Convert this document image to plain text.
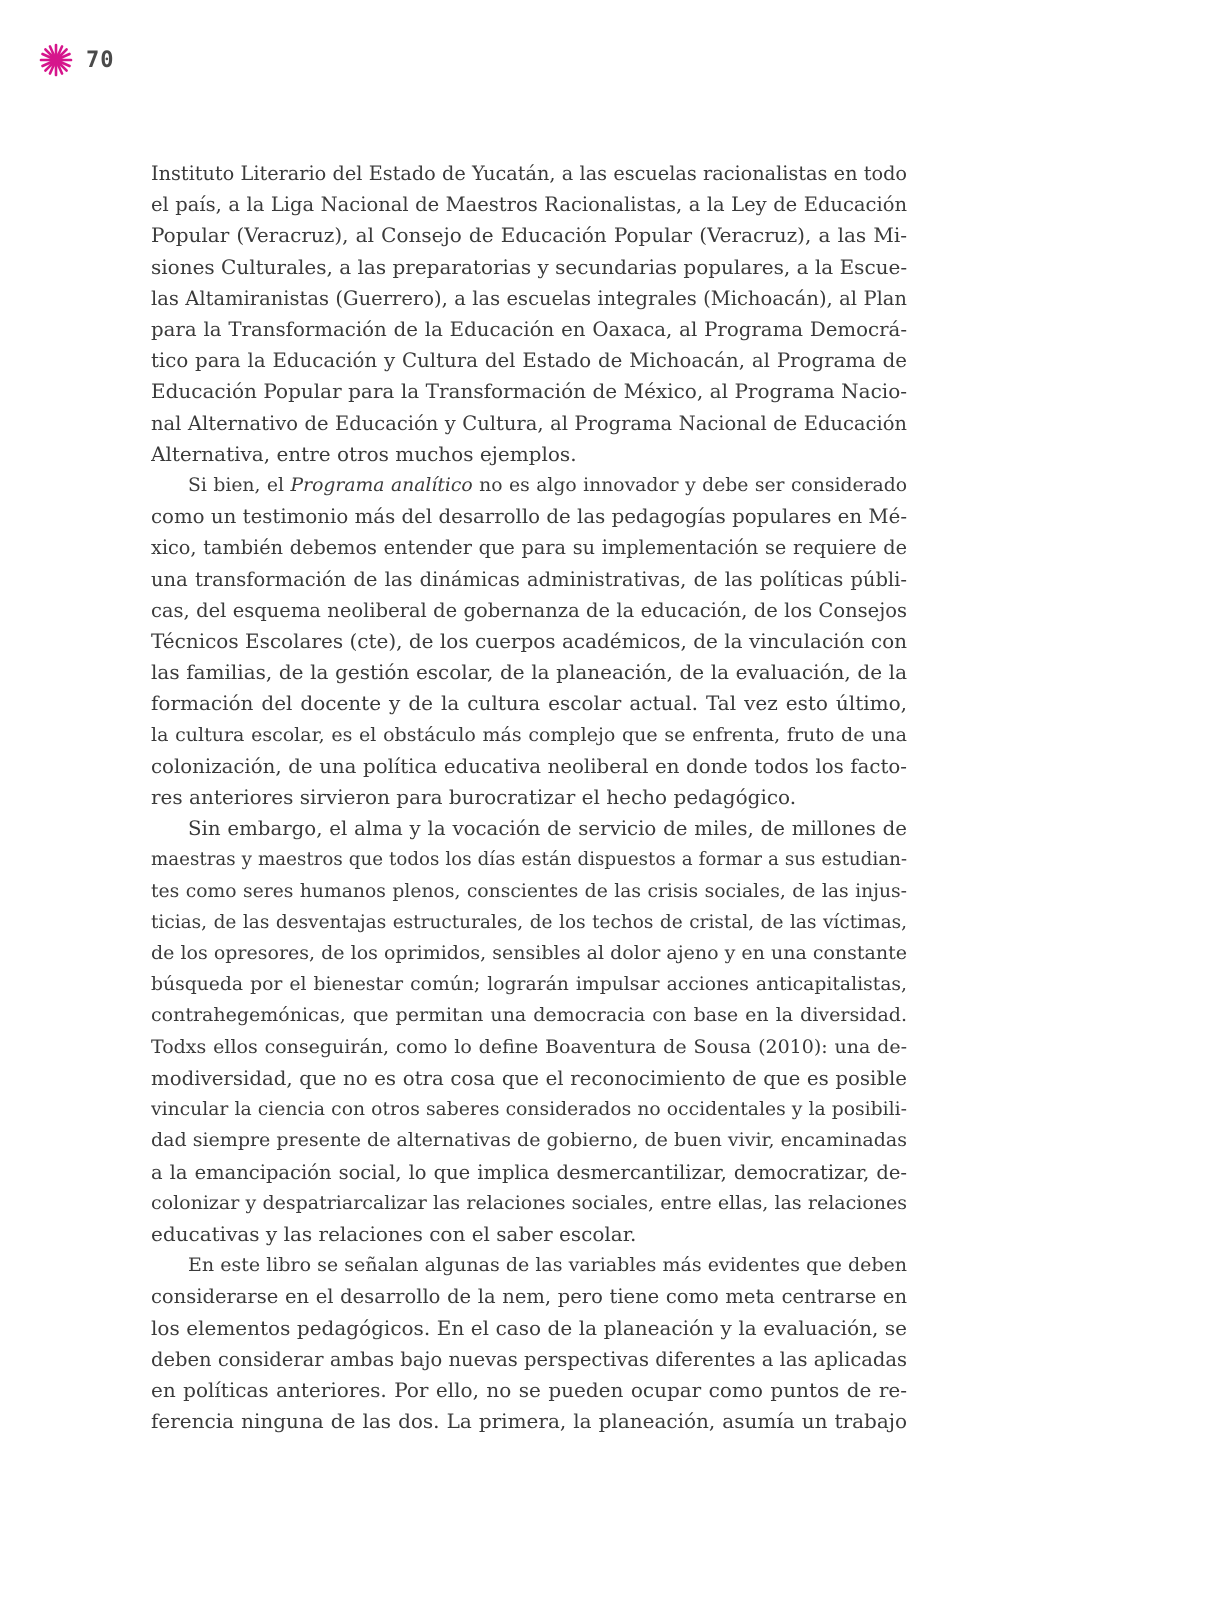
70
Instituto Literario del Estado de Yucatán, a las escuelas racionalistas en todo
el país, a la Liga Nacional de Maestros Racionalistas, a la Ley de Educación
Popular (Veracruz), al Consejo de Educación Popular (Veracruz), a las Mi-
siones Culturales, a las preparatorias y secundarias populares, a la Escue-
las Altamiranistas (Guerrero), a las escuelas integrales (Michoacán), al Plan
para la Transformación de la Educación en Oaxaca, al Programa Democrá-
tico para la Educación y Cultura del Estado de Michoacán, al Programa de
Educación Popular para la Transformación de México, al Programa Nacio-
nal Alternativo de Educación y Cultura, al Programa Nacional de Educación
Alternativa, entre otros muchos ejemplos.
Si bien, el Programa analítico no es algo innovador y debe ser considerado
como un testimonio más del desarrollo de las pedagogías populares en Mé-
xico, también debemos entender que para su implementación se requiere de
una transformación de las dinámicas administrativas, de las políticas públi-
cas, del esquema neoliberal de gobernanza de la educación, de los Consejos
Técnicos Escolares (cte), de los cuerpos académicos, de la vinculación con
las familias, de la gestión escolar, de la planeación, de la evaluación, de la
formación del docente y de la cultura escolar actual. Tal vez esto último,
la cultura escolar, es el obstáculo más complejo que se enfrenta, fruto de una
colonización, de una política educativa neoliberal en donde todos los facto-
res anteriores sirvieron para burocratizar el hecho pedagógico.
Sin embargo, el alma y la vocación de servicio de miles, de millones de
maestras y maestros que todos los días están dispuestos a formar a sus estudian-
tes como seres humanos plenos, conscientes de las crisis sociales, de las injus-
ticias, de las desventajas estructurales, de los techos de cristal, de las víctimas,
de los opresores, de los oprimidos, sensibles al dolor ajeno y en una constante
búsqueda por el bienestar común; lograrán impulsar acciones anticapitalistas,
contrahegemónicas, que permitan una democracia con base en la diversidad.
Todxs ellos conseguirán, como lo define Boaventura de Sousa (2010): una de-
modiversidad, que no es otra cosa que el reconocimiento de que es posible
vincular la ciencia con otros saberes considerados no occidentales y la posibili-
dad siempre presente de alternativas de gobierno, de buen vivir, encaminadas
a la emancipación social, lo que implica desmercantilizar, democratizar, de-
colonizar y despatriarcalizar las relaciones sociales, entre ellas, las relaciones
educativas y las relaciones con el saber escolar.
En este libro se señalan algunas de las variables más evidentes que deben
considerarse en el desarrollo de la nem, pero tiene como meta centrarse en
los elementos pedagógicos. En el caso de la planeación y la evaluación, se
deben considerar ambas bajo nuevas perspectivas diferentes a las aplicadas
en políticas anteriores. Por ello, no se pueden ocupar como puntos de re-
ferencia ninguna de las dos. La primera, la planeación, asumía un trabajo
